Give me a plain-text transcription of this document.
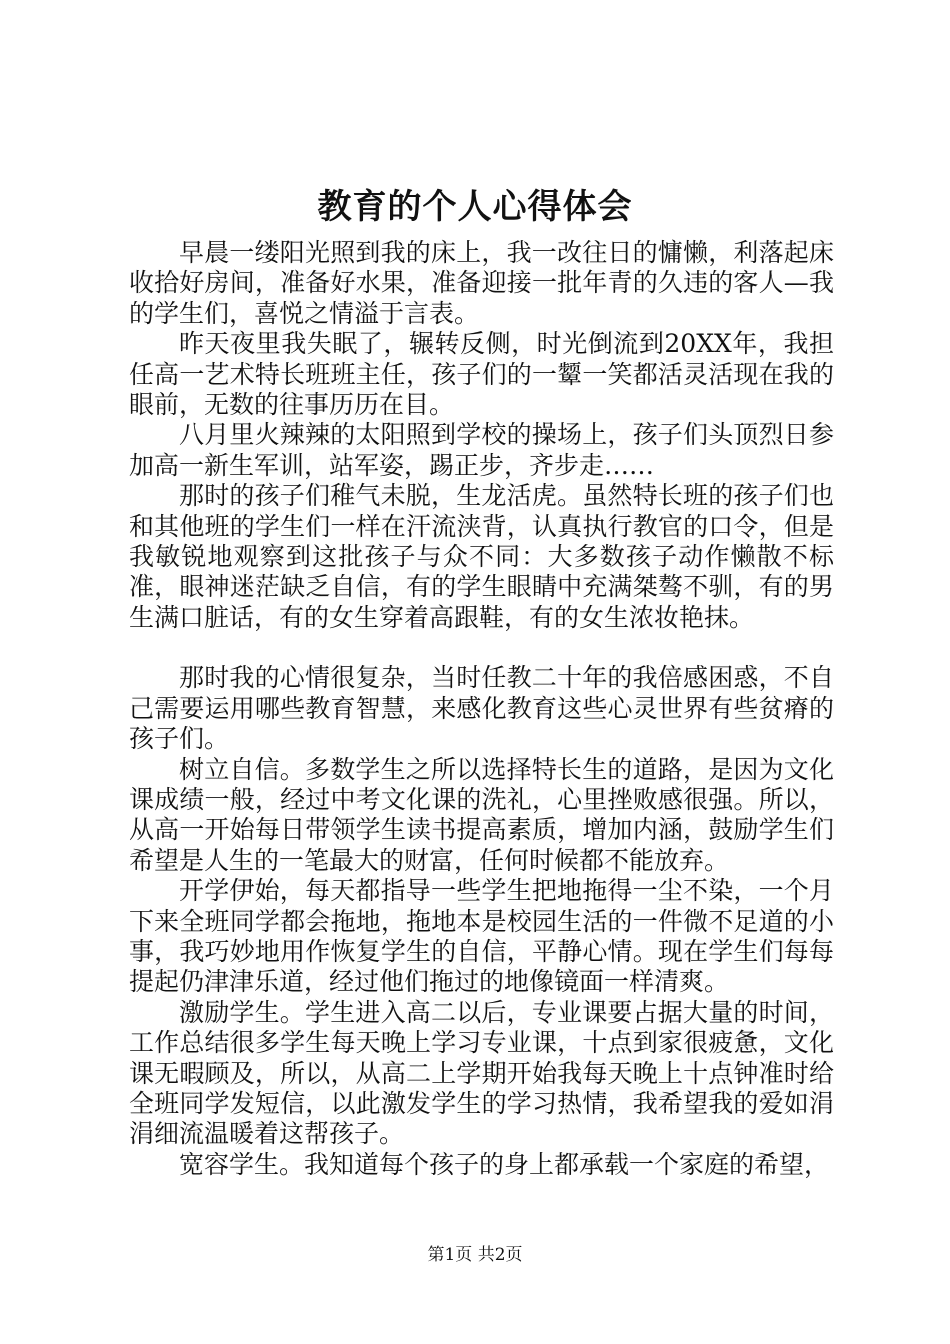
教育的个人心得体会

早晨一缕阳光照到我的床上，我一改往日的慵懒，利落起床收拾好房间，准备好水果，准备迎接一批年青的久违的客人—我的学生们，喜悦之情溢于言表。

昨天夜里我失眠了，辗转反侧，时光倒流到20XX年，我担任高一艺术特长班班主任，孩子们的一颦一笑都活灵活现在我的眼前，无数的往事历历在目。

八月里火辣辣的太阳照到学校的操场上，孩子们头顶烈日参加高一新生军训，站军姿，踢正步，齐步走……

那时的孩子们稚气未脱，生龙活虎。虽然特长班的孩子们也和其他班的学生们一样在汗流浃背，认真执行教官的口令，但是我敏锐地观察到这批孩子与众不同：大多数孩子动作懒散不标准，眼神迷茫缺乏自信，有的学生眼睛中充满桀骜不驯，有的男生满口脏话，有的女生穿着高跟鞋，有的女生浓妆艳抹。

那时我的心情很复杂，当时任教二十年的我倍感困惑，不自己需要运用哪些教育智慧，来感化教育这些心灵世界有些贫瘠的孩子们。

树立自信。多数学生之所以选择特长生的道路，是因为文化课成绩一般，经过中考文化课的洗礼，心里挫败感很强。所以，从高一开始每日带领学生读书提高素质，增加内涵，鼓励学生们希望是人生的一笔最大的财富，任何时候都不能放弃。

开学伊始，每天都指导一些学生把地拖得一尘不染，一个月下来全班同学都会拖地，拖地本是校园生活的一件微不足道的小事，我巧妙地用作恢复学生的自信，平静心情。现在学生们每每提起仍津津乐道，经过他们拖过的地像镜面一样清爽。

激励学生。学生进入高二以后，专业课要占据大量的时间，工作总结很多学生每天晚上学习专业课，十点到家很疲惫，文化课无暇顾及，所以，从高二上学期开始我每天晚上十点钟准时给全班同学发短信，以此激发学生的学习热情，我希望我的爱如涓涓细流温暖着这帮孩子。

宽容学生。我知道每个孩子的身上都承载一个家庭的希望，

第1页 共2页
